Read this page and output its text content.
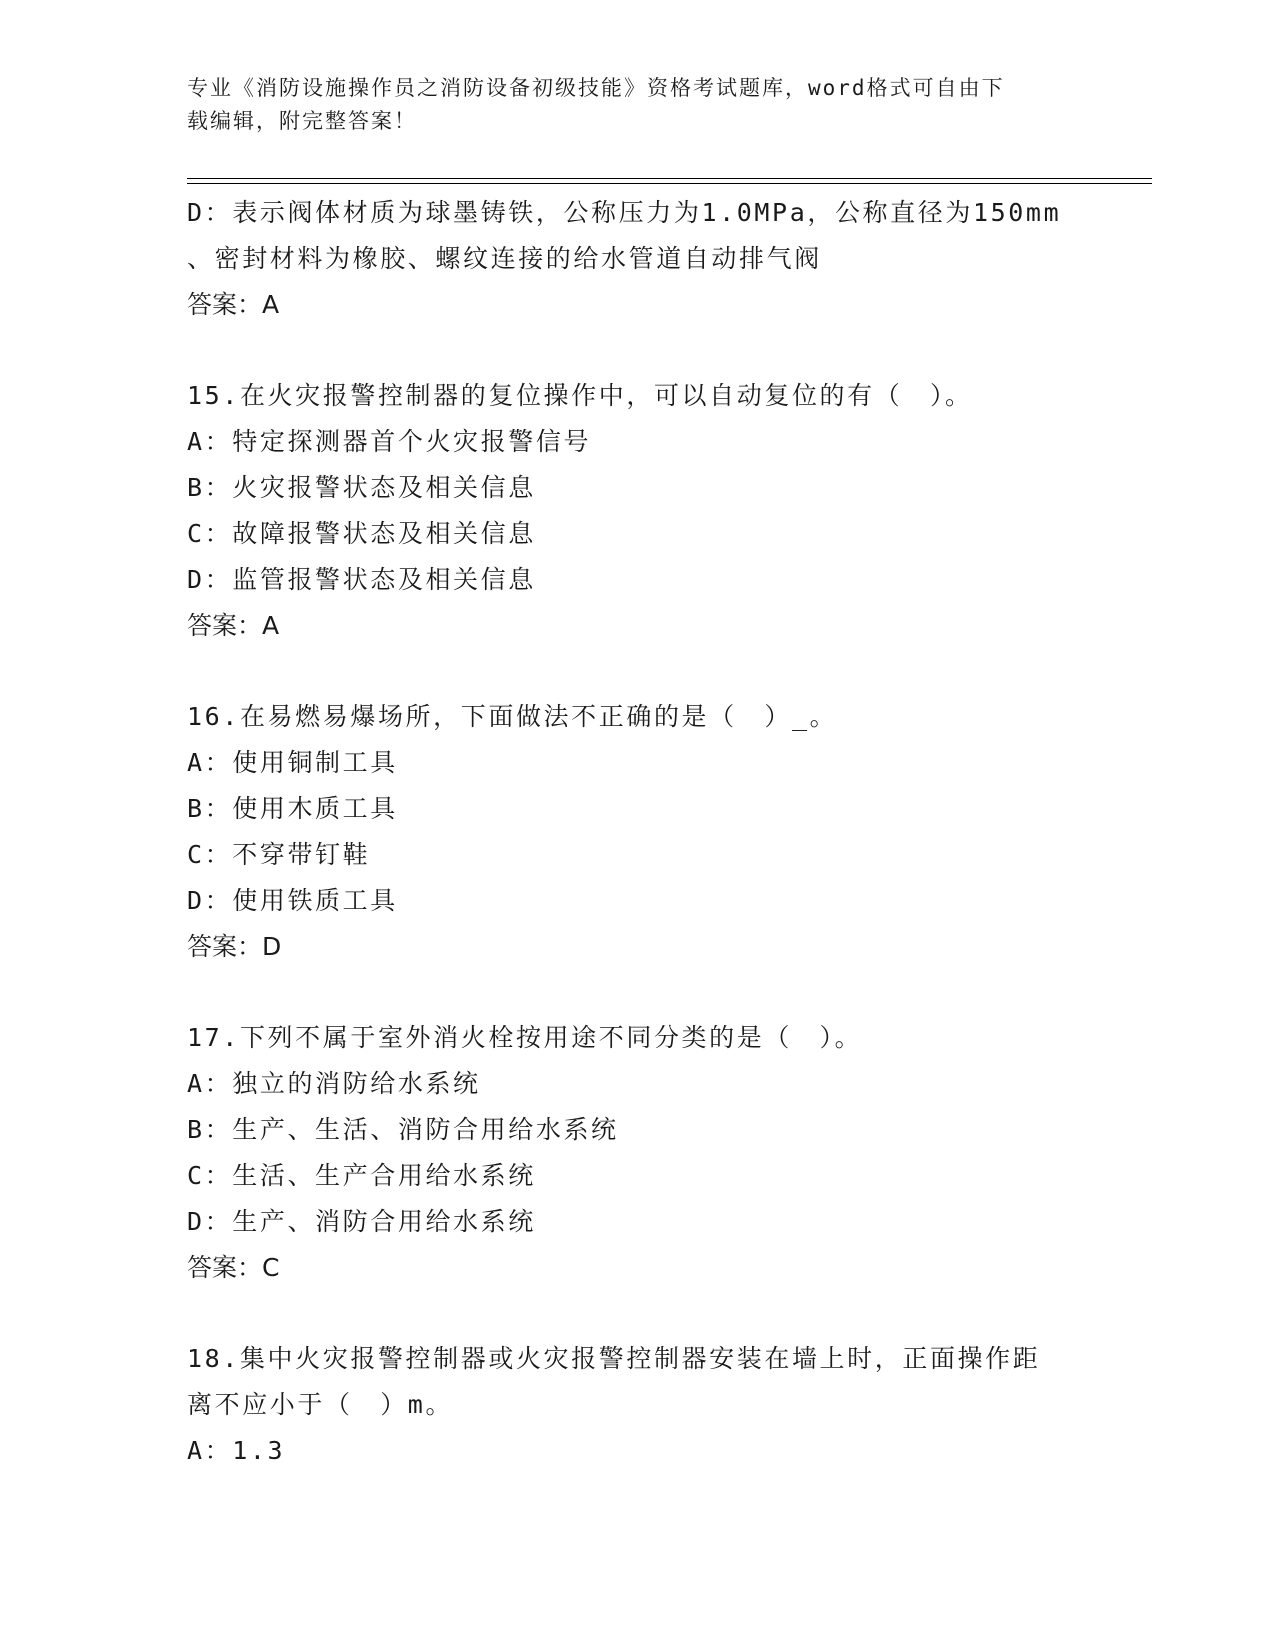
专业《消防设施操作员之消防设备初级技能》资格考试题库，word格式可自由下
载编辑，附完整答案！
D：表示阀体材质为球墨铸铁，公称压力为1.0MPa，公称直径为150mm
、密封材料为橡胶、螺纹连接的给水管道自动排气阀
答案：A
15.在火灾报警控制器的复位操作中，可以自动复位的有（　）。
A：特定探测器首个火灾报警信号
B：火灾报警状态及相关信息
C：故障报警状态及相关信息
D：监管报警状态及相关信息
答案：A
16.在易燃易爆场所，下面做法不正确的是（　）_。
A：使用铜制工具
B：使用木质工具
C：不穿带钉鞋
D：使用铁质工具
答案：D
17.下列不属于室外消火栓按用途不同分类的是（　）。
A：独立的消防给水系统
B：生产、生活、消防合用给水系统
C：生活、生产合用给水系统
D：生产、消防合用给水系统
答案：C
18.集中火灾报警控制器或火灾报警控制器安装在墙上时，正面操作距
离不应小于（　）m。
A：1.3
